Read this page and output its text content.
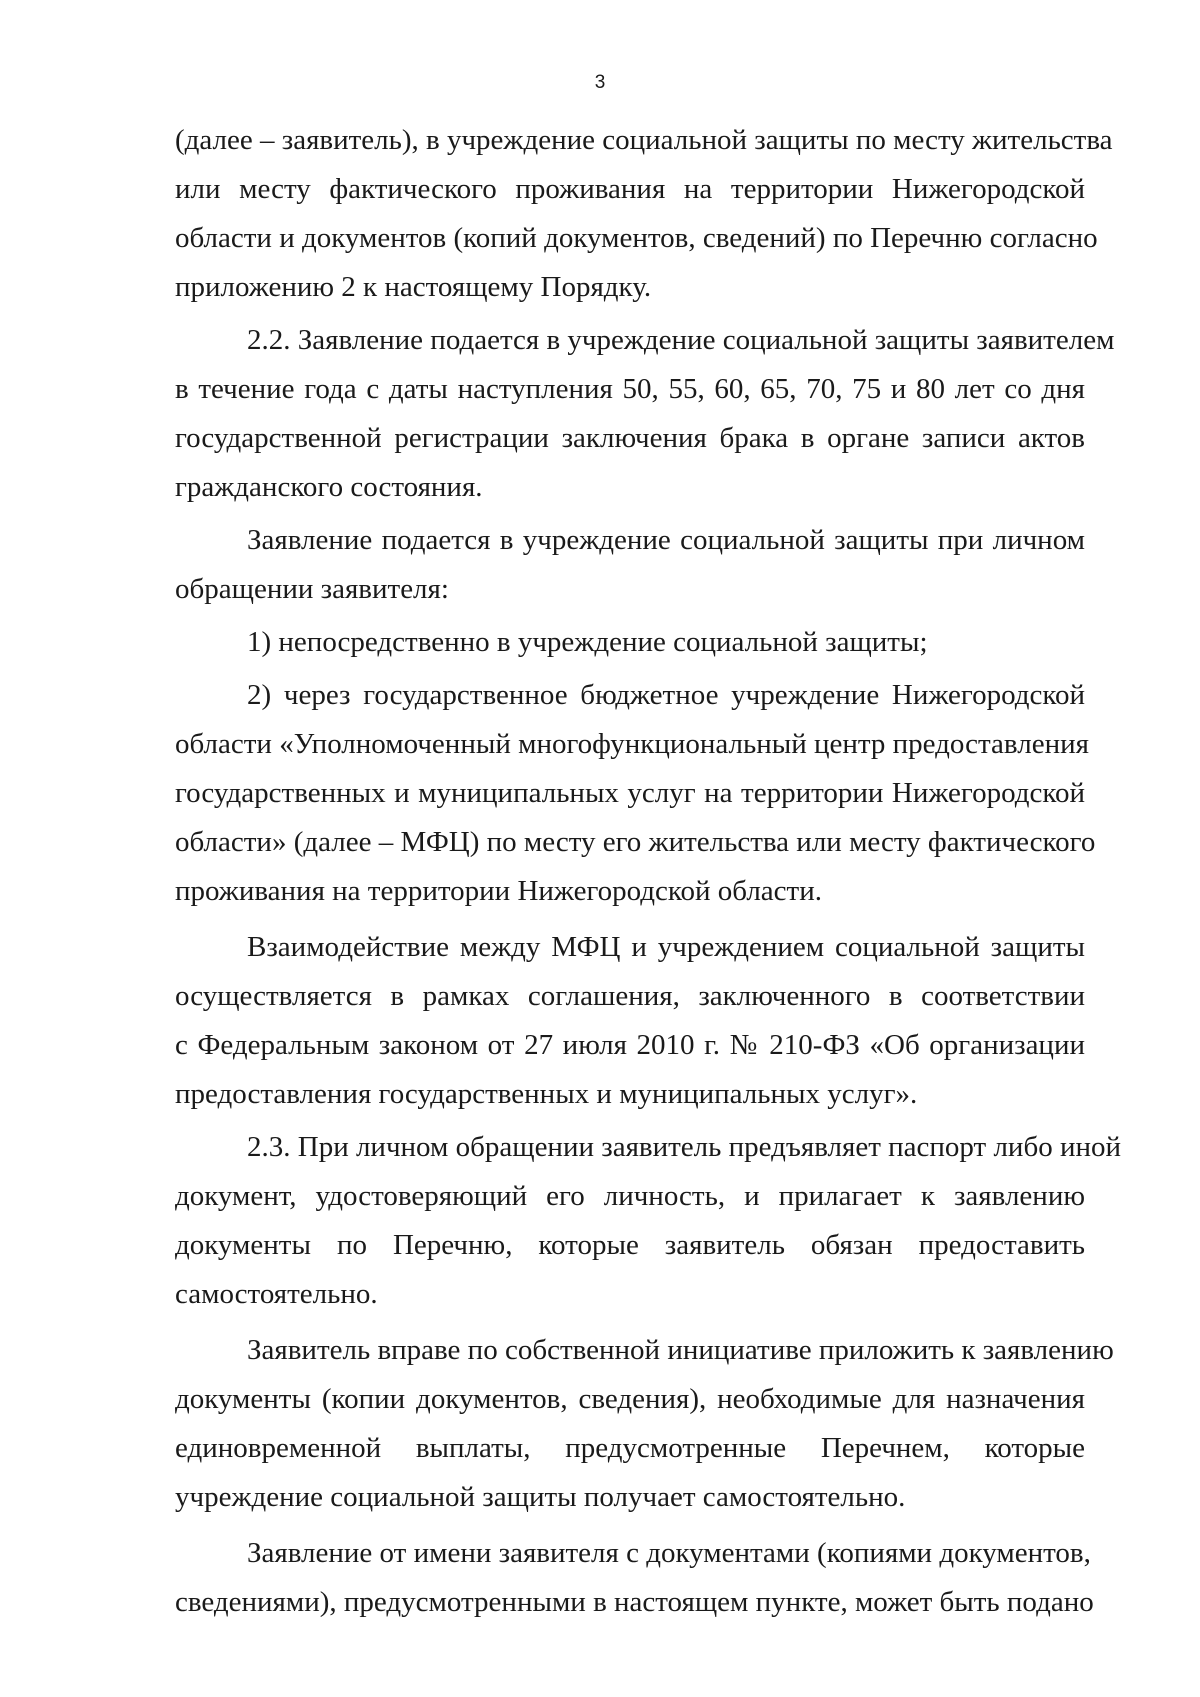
3
(далее – заявитель), в учреждение социальной защиты по месту жительства
или месту фактического проживания на территории Нижегородской
области и документов (копий документов, сведений) по Перечню согласно
приложению 2 к настоящему Порядку.
2.2. Заявление подается в учреждение социальной защиты заявителем
в течение года с даты наступления 50, 55, 60, 65, 70, 75 и 80 лет со дня
государственной регистрации заключения брака в органе записи актов
гражданского состояния.
Заявление подается в учреждение социальной защиты при личном
обращении заявителя:
1) непосредственно в учреждение социальной защиты;
2) через государственное бюджетное учреждение Нижегородской
области «Уполномоченный многофункциональный центр предоставления
государственных и муниципальных услуг на территории Нижегородской
области» (далее – МФЦ) по месту его жительства или месту фактического
проживания на территории Нижегородской области.
Взаимодействие между МФЦ и учреждением социальной защиты
осуществляется в рамках соглашения, заключенного в соответствии
с Федеральным законом от 27 июля 2010 г. № 210-ФЗ «Об организации
предоставления государственных и муниципальных услуг».
2.3. При личном обращении заявитель предъявляет паспорт либо иной
документ, удостоверяющий его личность, и прилагает к заявлению
документы по Перечню, которые заявитель обязан предоставить
самостоятельно.
Заявитель вправе по собственной инициативе приложить к заявлению
документы (копии документов, сведения), необходимые для назначения
единовременной выплаты, предусмотренные Перечнем, которые
учреждение социальной защиты получает самостоятельно.
Заявление от имени заявителя с документами (копиями документов,
сведениями), предусмотренными в настоящем пункте, может быть подано
